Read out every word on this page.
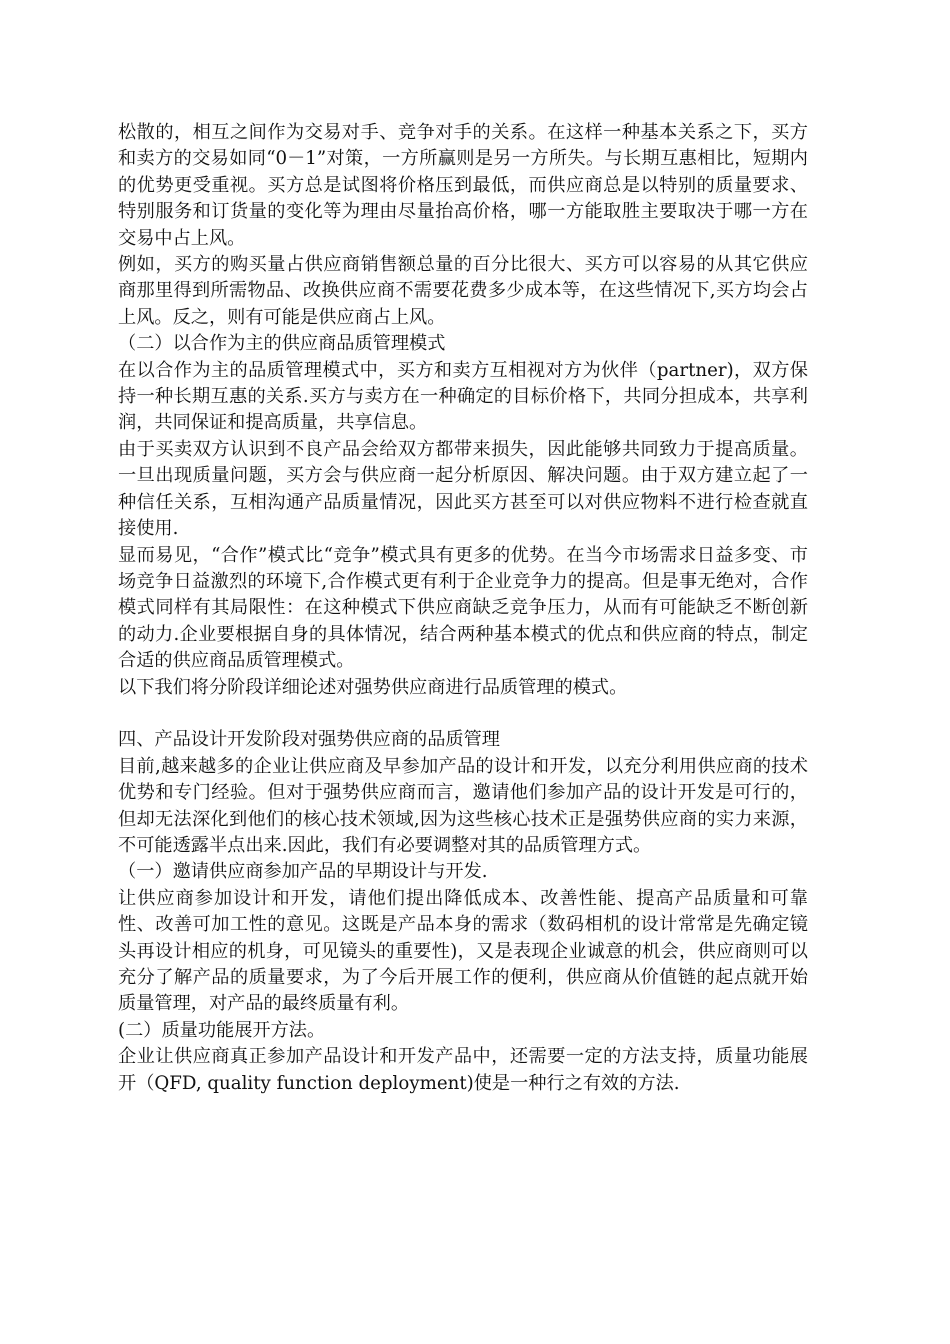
松散的，相互之间作为交易对手、竞争对手的关系。在这样一种基本关系之下，买方和卖方的交易如同“0－1”对策，一方所赢则是另一方所失。与长期互惠相比，短期内的优势更受重视。买方总是试图将价格压到最低，而供应商总是以特别的质量要求、特别服务和订货量的变化等为理由尽量抬高价格，哪一方能取胜主要取决于哪一方在交易中占上风。

例如，买方的购买量占供应商销售额总量的百分比很大、买方可以容易的从其它供应商那里得到所需物品、改换供应商不需要花费多少成本等，在这些情况下,买方均会占上风。反之，则有可能是供应商占上风。

（二）以合作为主的供应商品质管理模式

在以合作为主的品质管理模式中，买方和卖方互相视对方为伙伴（partner)，双方保持一种长期互惠的关系.买方与卖方在一种确定的目标价格下，共同分担成本，共享利润，共同保证和提高质量，共享信息。

由于买卖双方认识到不良产品会给双方都带来损失，因此能够共同致力于提高质量。一旦出现质量问题，买方会与供应商一起分析原因、解决问题。由于双方建立起了一种信任关系，互相沟通产品质量情况，因此买方甚至可以对供应物料不进行检查就直接使用.

显而易见，“合作”模式比“竞争”模式具有更多的优势。在当今市场需求日益多变、市场竞争日益激烈的环境下,合作模式更有利于企业竞争力的提高。但是事无绝对，合作模式同样有其局限性：在这种模式下供应商缺乏竞争压力，从而有可能缺乏不断创新的动力.企业要根据自身的具体情况，结合两种基本模式的优点和供应商的特点，制定合适的供应商品质管理模式。

以下我们将分阶段详细论述对强势供应商进行品质管理的模式。

四、产品设计开发阶段对强势供应商的品质管理

目前,越来越多的企业让供应商及早参加产品的设计和开发，以充分利用供应商的技术优势和专门经验。但对于强势供应商而言，邀请他们参加产品的设计开发是可行的，但却无法深化到他们的核心技术领域,因为这些核心技术正是强势供应商的实力来源，不可能透露半点出来.因此，我们有必要调整对其的品质管理方式。

（一）邀请供应商参加产品的早期设计与开发.

让供应商参加设计和开发，请他们提出降低成本、改善性能、提高产品质量和可靠性、改善可加工性的意见。这既是产品本身的需求（数码相机的设计常常是先确定镜头再设计相应的机身，可见镜头的重要性)，又是表现企业诚意的机会，供应商则可以充分了解产品的质量要求，为了今后开展工作的便利，供应商从价值链的起点就开始质量管理，对产品的最终质量有利。

(二）质量功能展开方法。

企业让供应商真正参加产品设计和开发产品中，还需要一定的方法支持，质量功能展开（QFD, quality function deployment)使是一种行之有效的方法.
